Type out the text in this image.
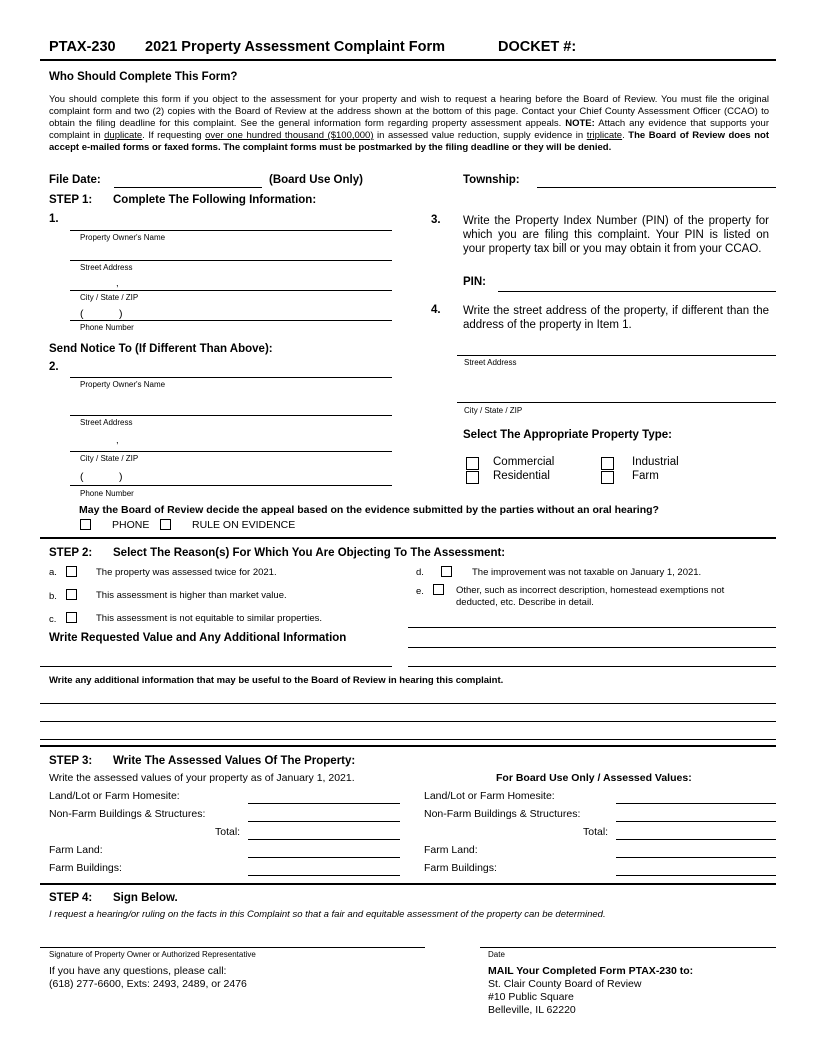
PTAX-230 2021 Property Assessment Complaint Form	DOCKET #:
Who Should Complete This Form?
You should complete this form if you object to the assessment for your property and wish to request a hearing before the Board of Review. You must file the original complaint form and two (2) copies with the Board of Review at the address shown at the bottom of this page. Contact your Chief County Assessment Officer (CCAO) to obtain the filing deadline for this complaint. See the general information form regarding property assessment appeals. NOTE: Attach any evidence that supports your complaint in duplicate. If requesting over one hundred thousand ($100,000) in assessed value reduction, supply evidence in triplicate. The Board of Review does not accept e-mailed forms or faxed forms. The complaint forms must be postmarked by the filing deadline or they will be denied.
File Date:	(Board Use Only)	Township:
STEP 1: Complete The Following Information:
1.
Property Owner's Name
Street Address
,
City / State / ZIP
(	)
Phone Number
Send Notice To (If Different Than Above):
2.
Property Owner's Name
Street Address
,
City / State / ZIP
(	)
Phone Number
3. Write the Property Index Number (PIN) of the property for which you are filing this complaint. Your PIN is listed on your property tax bill or you may obtain it from your CCAO.
PIN:
4. Write the street address of the property, if different than the address of the property in Item 1.
Street Address
City / State / ZIP
Select The Appropriate Property Type:
Commercial
Residential
Industrial
Farm
May the Board of Review decide the appeal based on the evidence submitted by the parties without an oral hearing?
PHONE	RULE ON EVIDENCE
STEP 2: Select The Reason(s) For Which You Are Objecting To The Assessment:
a.	The property was assessed twice for 2021.
b.	This assessment is higher than market value.
c.	This assessment is not equitable to similar properties.
d.	The improvement was not taxable on January 1, 2021.
e.	Other, such as incorrect description, homestead exemptions not deducted, etc. Describe in detail.
Write Requested Value and Any Additional Information
Write any additional information that may be useful to the Board of Review in hearing this complaint.
STEP 3: Write The Assessed Values Of The Property:
Write the assessed values of your property as of January 1, 2021.	For Board Use Only / Assessed Values:
Land/Lot or Farm Homesite:
Non-Farm Buildings & Structures:
Total:
Farm Land:
Farm Buildings:
Land/Lot or Farm Homesite:
Non-Farm Buildings & Structures:
Total:
Farm Land:
Farm Buildings:
STEP 4: Sign Below.
I request a hearing/or ruling on the facts in this Complaint so that a fair and equitable assessment of the property can be determined.
Signature of Property Owner or Authorized Representative	Date
If you have any questions, please call:
(618) 277-6600, Exts: 2493, 2489, or 2476
MAIL Your Completed Form PTAX-230 to:
St. Clair County Board of Review
#10 Public Square
Belleville, IL 62220
